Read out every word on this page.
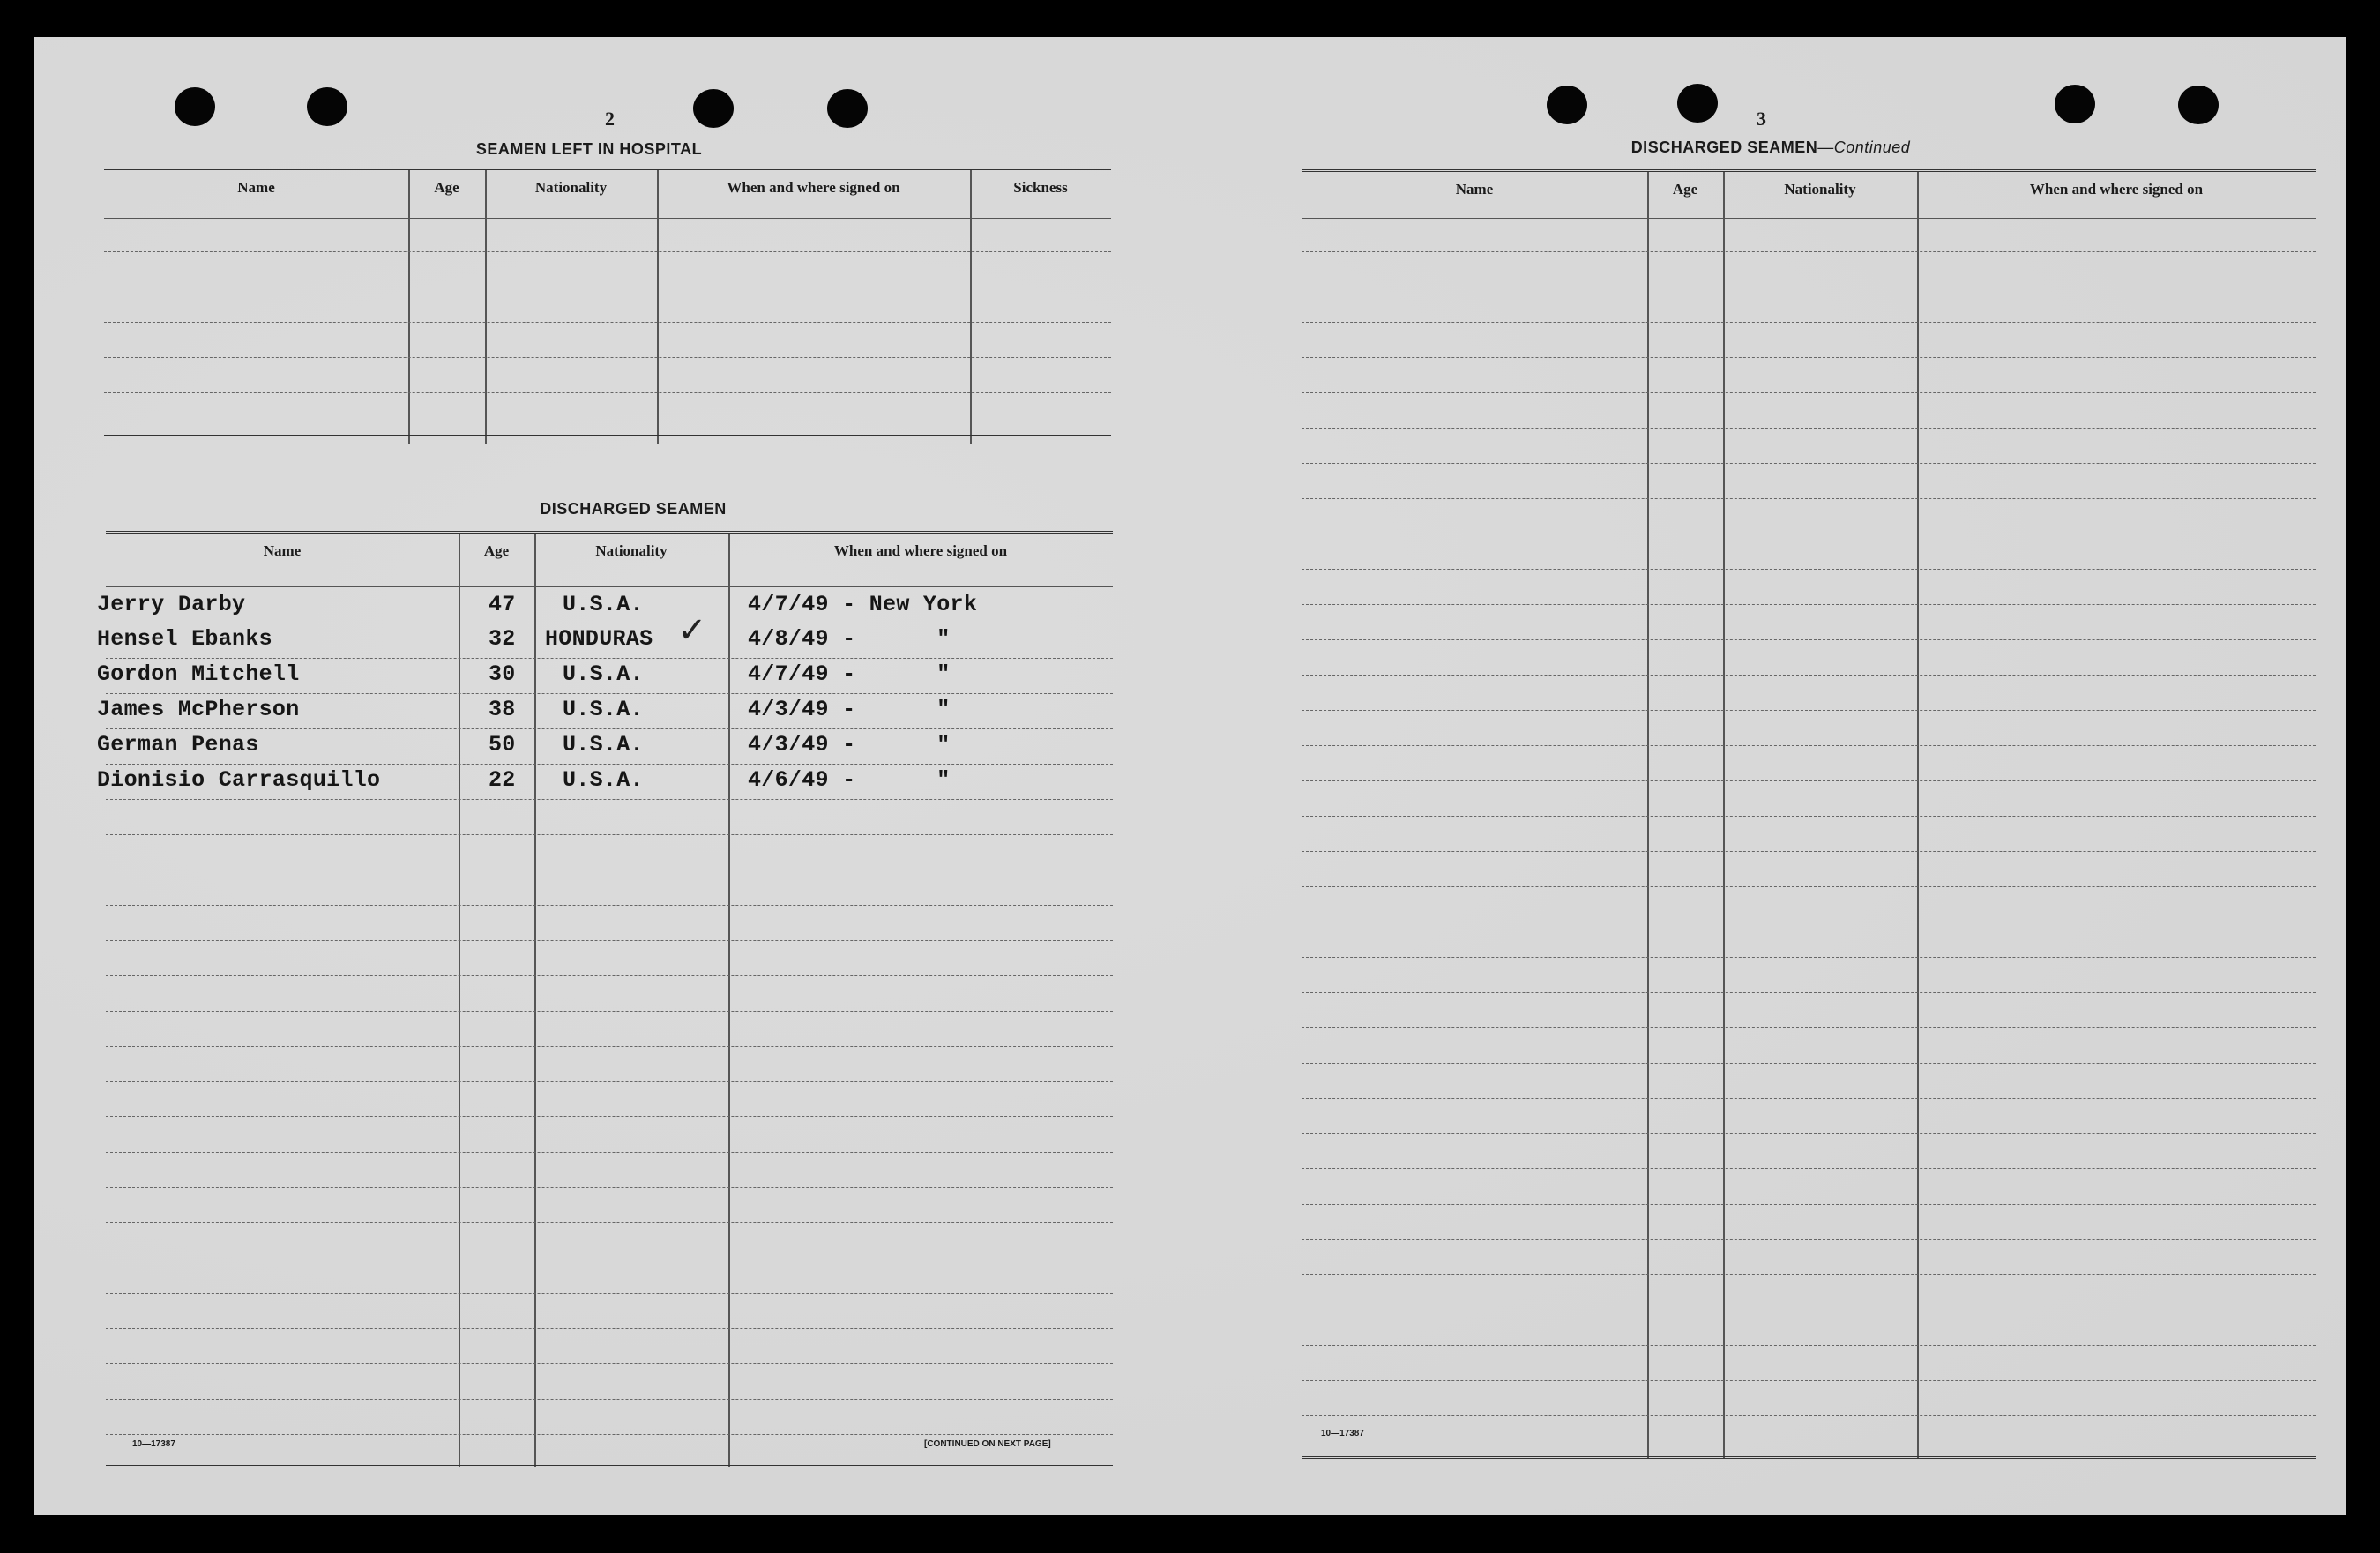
2
SEAMEN LEFT IN HOSPITAL
Name	Age	Nationality	When and where signed on	Sickness
DISCHARGED SEAMEN
Name	Age	Nationality	When and where signed on
Jerry Darby	47 U.S.A.	4/7/49 - New York
Hensel Ebanks	32 HONDURAS	4/8/49 -      "
✓
Gordon Mitchell	30 U.S.A.	4/7/49 -      "
James McPherson	38 U.S.A.	4/3/49 -      "
German Penas	50 U.S.A.	4/3/49 -      "
Dionisio Carrasquillo	22 U.S.A.	4/6/49 -      "
10—17387	[CONTINUED ON NEXT PAGE]
3
DISCHARGED SEAMEN—Continued
Name	Age	Nationality	When and where signed on
10—17387
